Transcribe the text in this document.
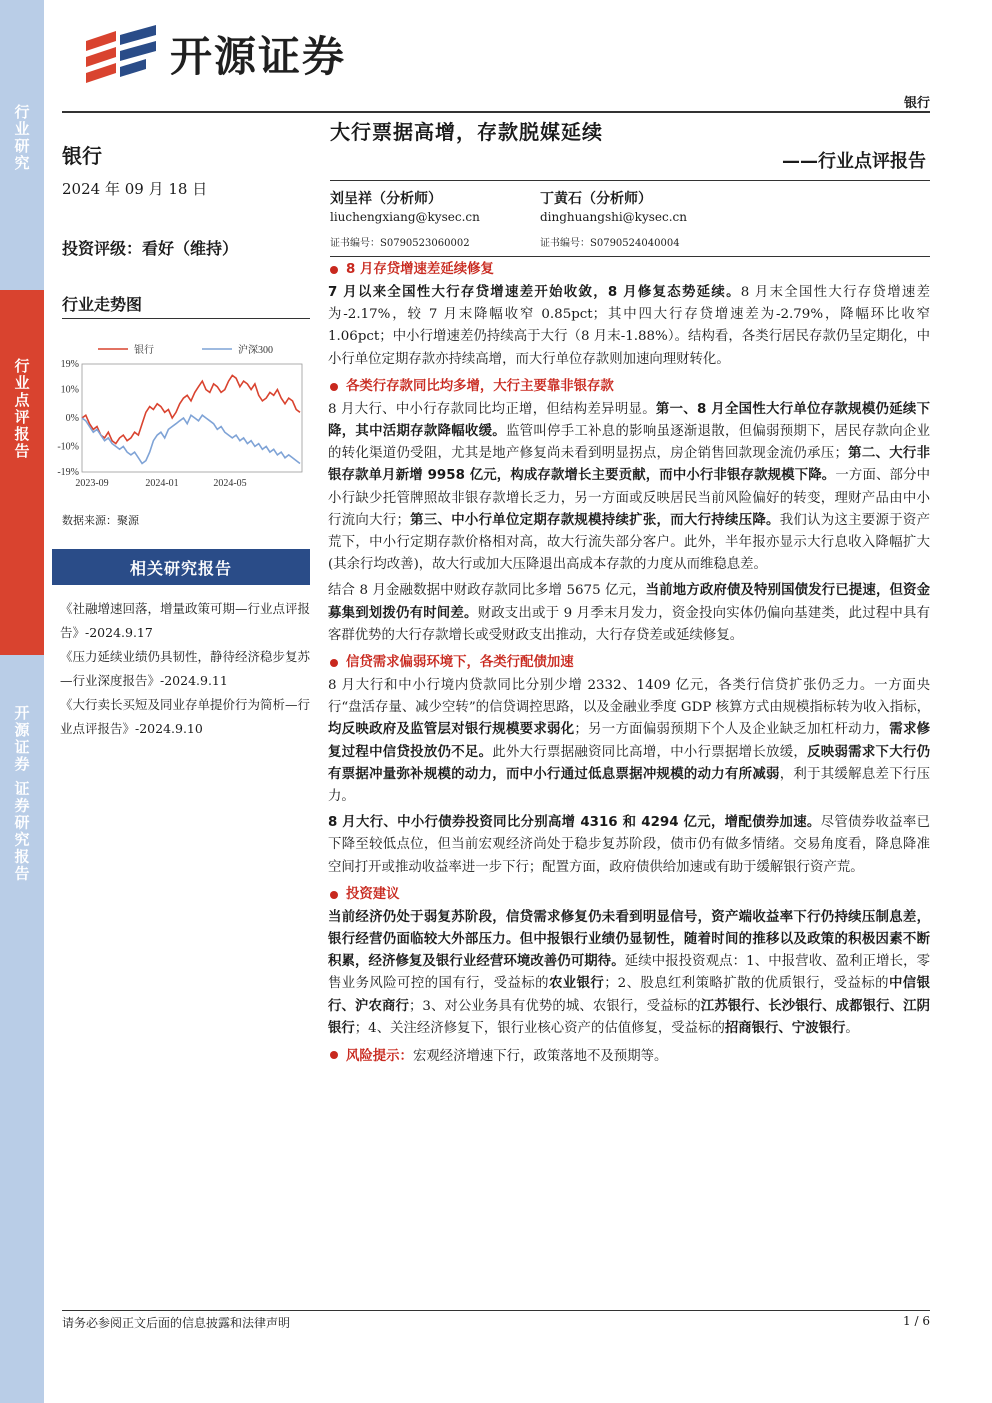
行业研究
行业点评报告
开源证券 证券研究报告
开源证券
银行
银行
2024 年 09 月 18 日
投资评级：看好（维持）
行业走势图
19%
10%
0%
-10%
-19%
2023-09	2024-01	2024-05
银行	沪深300
数据来源：聚源
相关研究报告
《社融增速回落，增量政策可期—行业点评报告》-2024.9.17
《压力延续业绩仍具韧性，静待经济稳步复苏—行业深度报告》-2024.9.11
《大行卖长买短及同业存单提价行为简析—行业点评报告》-2024.9.10
大行票据高增，存款脱媒延续
——行业点评报告
刘呈祥（分析师）
liuchengxiang@kysec.cn
证书编号：S0790523060002
丁黄石（分析师）
dinghuangshi@kysec.cn
证书编号：S0790524040004
8 月存贷增速差延续修复

7 月以来全国性大行存贷增速差开始收敛，8 月修复态势延续。8 月末全国性大行存贷增速差为-2.17%，较 7 月末降幅收窄 0.85pct；其中四大行存贷增速差为-2.79%，降幅环比收窄 1.06pct；中小行增速差仍持续高于大行（8 月末-1.88%）。结构看，各类行居民存款仍呈定期化，中小行单位定期存款亦持续高增，而大行单位存款则加速向理财转化。

各类行存款同比均多增，大行主要靠非银存款

8 月大行、中小行存款同比均正增，但结构差异明显。第一、8 月全国性大行单位存款规模仍延续下降，其中活期存款降幅收缓。监管叫停手工补息的影响虽逐渐退散，但偏弱预期下，居民存款向企业的转化渠道仍受阻，尤其是地产修复尚未看到明显拐点，房企销售回款现金流仍承压；第二、大行非银存款单月新增 9958 亿元，构成存款增长主要贡献，而中小行非银存款规模下降。一方面、部分中小行缺少托管牌照故非银存款增长乏力，另一方面或反映居民当前风险偏好的转变，理财产品由中小行流向大行；第三、中小行单位定期存款规模持续扩张，而大行持续压降。我们认为这主要源于资产荒下，中小行定期存款价格相对高，故大行流失部分客户。此外，半年报亦显示大行息收入降幅扩大(其余行均改善)，故大行或加大压降退出高成本存款的力度从而维稳息差。

结合 8 月金融数据中财政存款同比多增 5675 亿元，当前地方政府债及特别国债发行已提速，但资金募集到划拨仍有时间差。财政支出或于 9 月季末月发力，资金投向实体仍偏向基建类，此过程中具有客群优势的大行存款增长或受财政支出推动，大行存贷差或延续修复。

信贷需求偏弱环境下，各类行配债加速

8 月大行和中小行境内贷款同比分别少增 2332、1409 亿元，各类行信贷扩张仍乏力。一方面央行“盘活存量、减少空转”的信贷调控思路，以及金融业季度 GDP 核算方式由规模指标转为收入指标，均反映政府及监管层对银行规模要求弱化；另一方面偏弱预期下个人及企业缺乏加杠杆动力，需求修复过程中信贷投放仍不足。此外大行票据融资同比高增，中小行票据增长放缓，反映弱需求下大行仍有票据冲量弥补规模的动力，而中小行通过低息票据冲规模的动力有所减弱，利于其缓解息差下行压力。

8 月大行、中小行债券投资同比分别高增 4316 和 4294 亿元，增配债券加速。尽管债券收益率已下降至较低点位，但当前宏观经济尚处于稳步复苏阶段，债市仍有做多情绪。交易角度看，降息降准空间打开或推动收益率进一步下行；配置方面，政府债供给加速或有助于缓解银行资产荒。

投资建议

当前经济仍处于弱复苏阶段，信贷需求修复仍未看到明显信号，资产端收益率下行仍持续压制息差，银行经营仍面临较大外部压力。但中报银行业绩仍显韧性，随着时间的推移以及政策的积极因素不断积累，经济修复及银行业经营环境改善仍可期待。延续中报投资观点：1、中报营收、盈利正增长，零售业务风险可控的国有行，受益标的农业银行；2、股息红利策略扩散的优质银行，受益标的中信银行、沪农商行；3、对公业务具有优势的城、农银行，受益标的江苏银行、长沙银行、成都银行、江阴银行；4、关注经济修复下，银行业核心资产的估值修复，受益标的招商银行、宁波银行。

风险提示：宏观经济增速下行，政策落地不及预期等。

请务必参阅正文后面的信息披露和法律声明	1 / 6
